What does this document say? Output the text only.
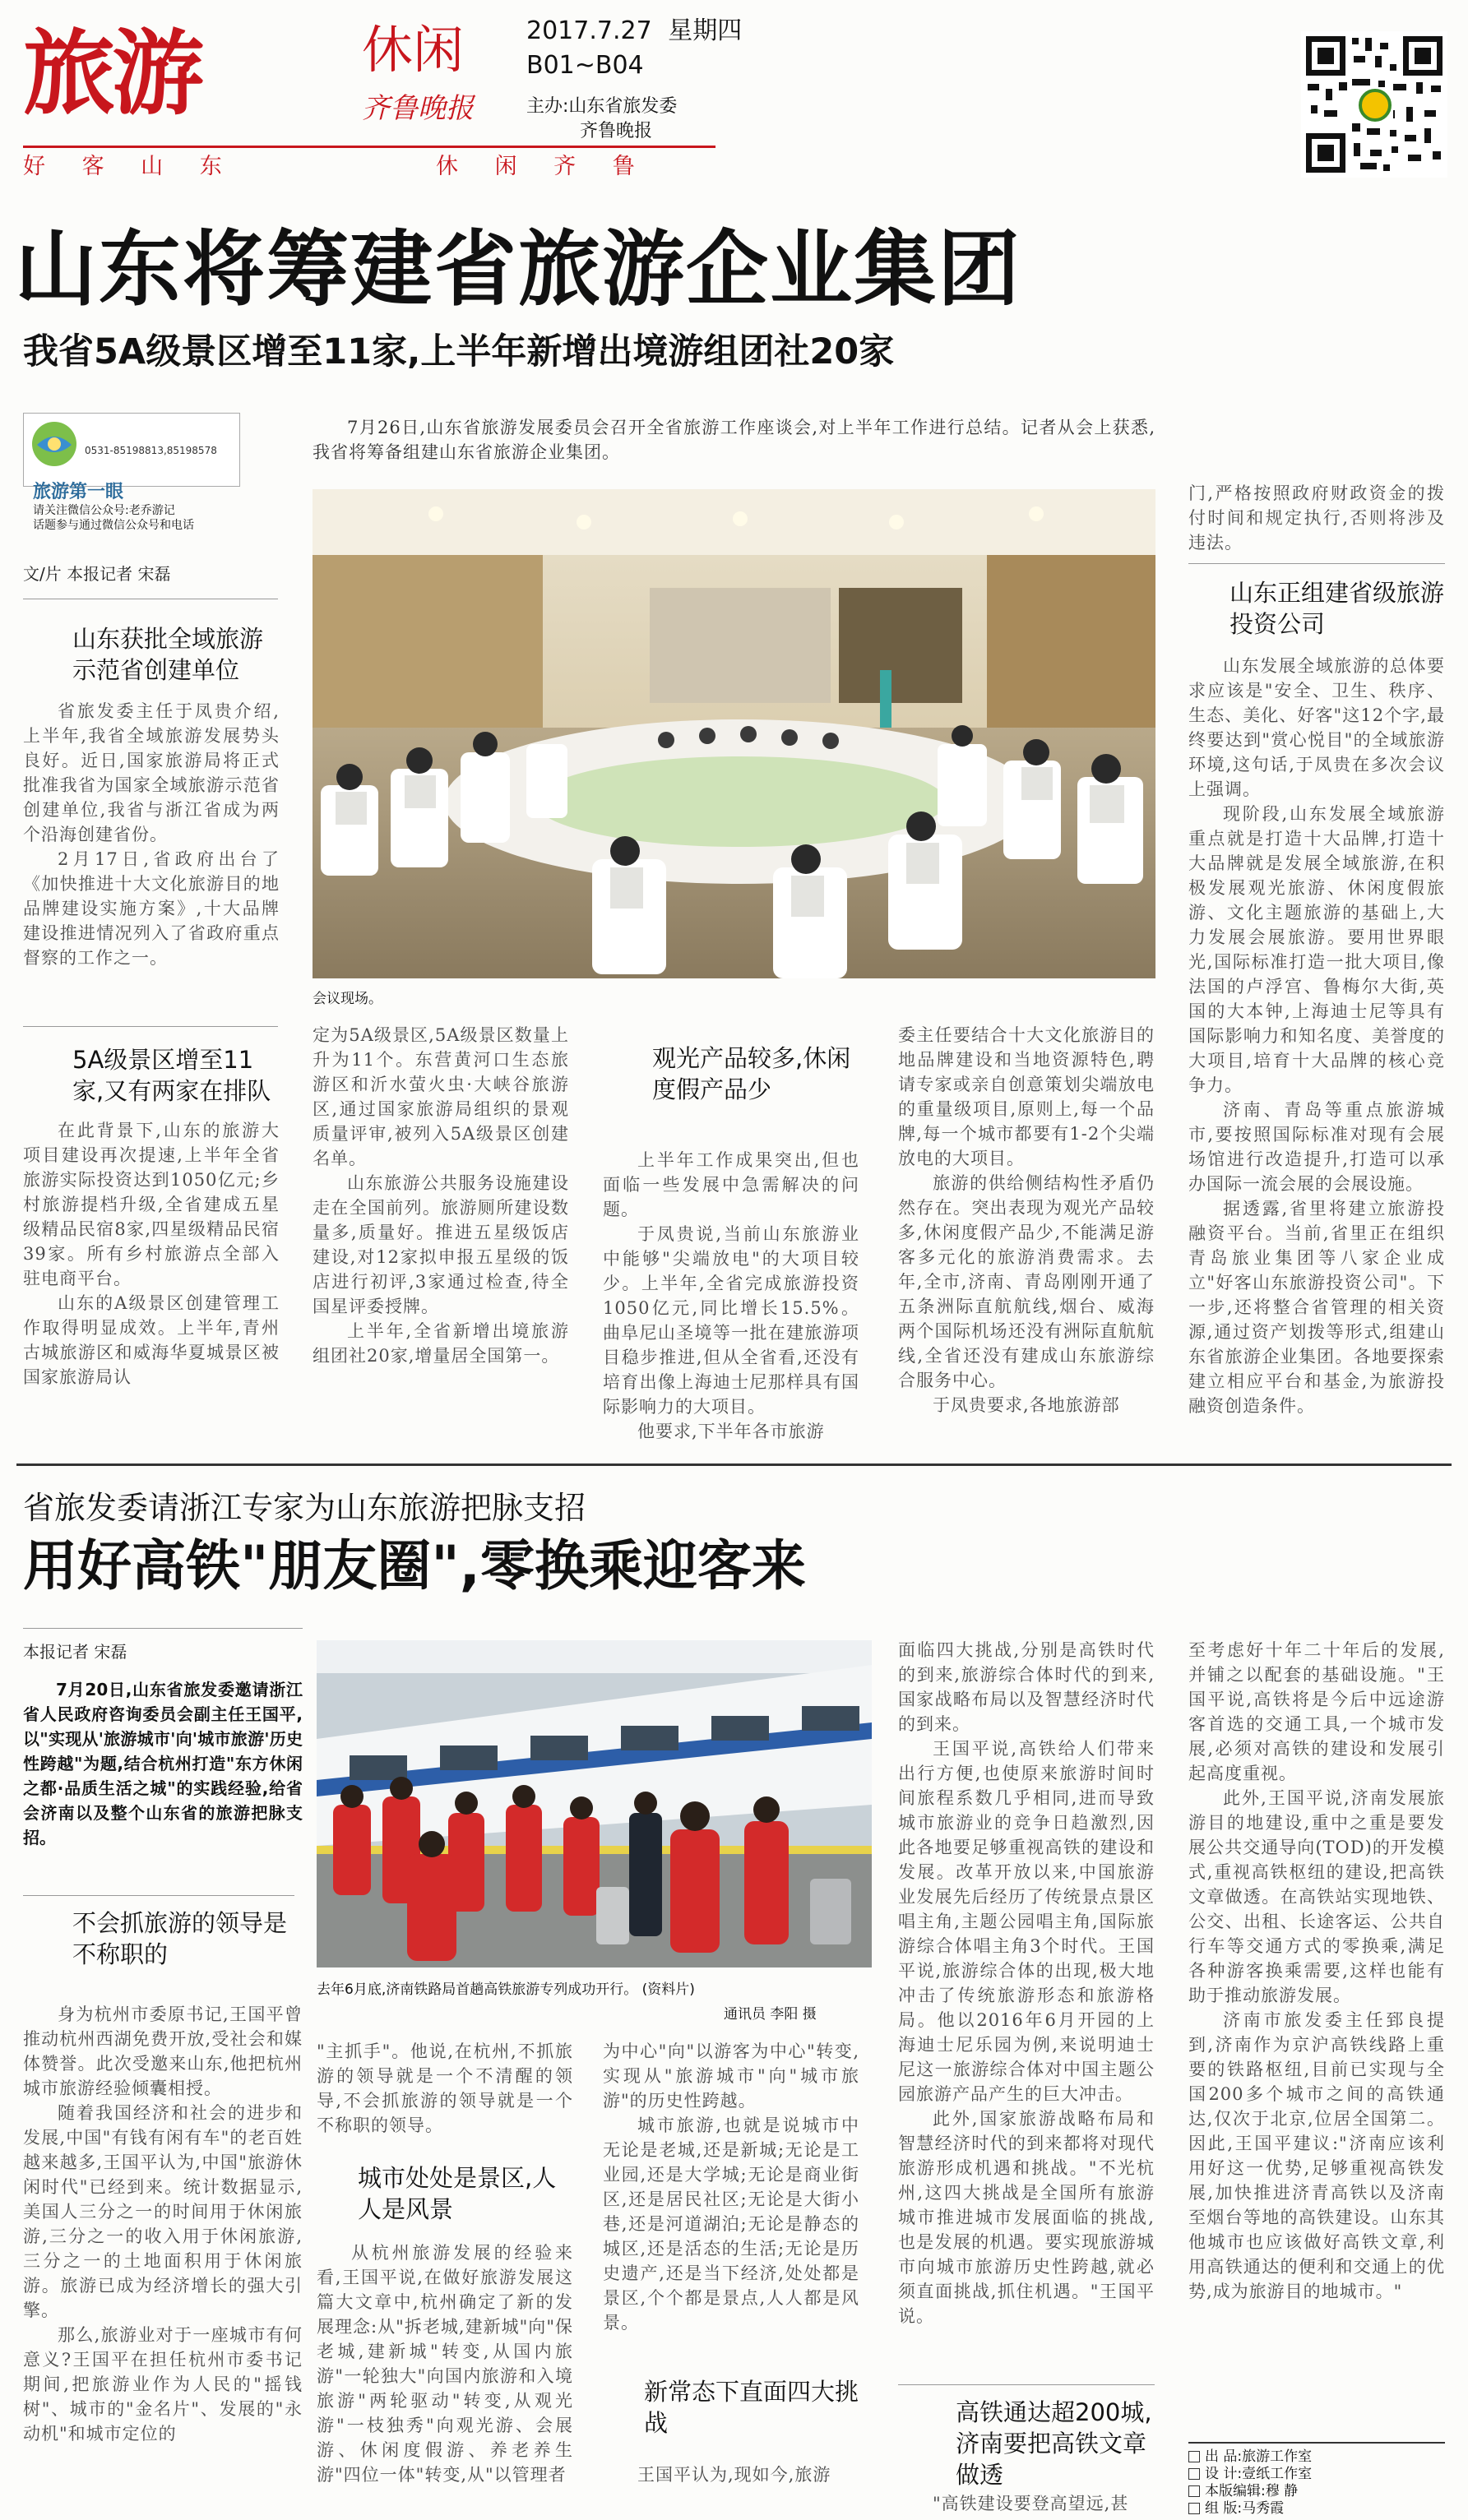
旅游	休闲
齐鲁晚报
2017.7.27 星期四
B01~B04
主办:山东省旅发委
齐鲁晚报
好 客 山 东	休 闲 齐 鲁
山东将筹建省旅游企业集团
我省5A级景区增至11家,上半年新增出境游组团社20家
0531-85198813,85198578
旅游第一眼
请关注微信公众号:老乔游记
话题参与通过微信公众号和电话
文/片 本报记者 宋磊
山东获批全域旅游示范省创建单位

省旅发委主任于凤贵介绍,上半年,我省全域旅游发展势头良好。近日,国家旅游局将正式批准我省为国家全域旅游示范省创建单位,我省与浙江省成为两个沿海创建省份。

2月17日,省政府出台了《加快推进十大文化旅游目的地品牌建设实施方案》,十大品牌建设推进情况列入了省政府重点督察的工作之一。

5A级景区增至11家,又有两家在排队

在此背景下,山东的旅游大项目建设再次提速,上半年全省旅游实际投资达到1050亿元;乡村旅游提档升级,全省建成五星级精品民宿8家,四星级精品民宿39家。所有乡村旅游点全部入驻电商平台。

山东的A级景区创建管理工作取得明显成效。上半年,青州古城旅游区和威海华夏城景区被国家旅游局认

7月26日,山东省旅游发展委员会召开全省旅游工作座谈会,对上半年工作进行总结。记者从会上获悉,我省将筹备组建山东省旅游企业集团。

会议现场。

定为5A级景区,5A级景区数量上升为11个。东营黄河口生态旅游区和沂水萤火虫·大峡谷旅游区,通过国家旅游局组织的景观质量评审,被列入5A级景区创建名单。

山东旅游公共服务设施建设走在全国前列。旅游厕所建设数量多,质量好。推进五星级饭店建设,对12家拟申报五星级的饭店进行初评,3家通过检查,待全国星评委授牌。

上半年,全省新增出境旅游组团社20家,增量居全国第一。

观光产品较多,休闲度假产品少

上半年工作成果突出,但也面临一些发展中急需解决的问题。

于凤贵说,当前山东旅游业中能够"尖端放电"的大项目较少。上半年,全省完成旅游投资1050亿元,同比增长15.5%。曲阜尼山圣境等一批在建旅游项目稳步推进,但从全省看,还没有培育出像上海迪士尼那样具有国际影响力的大项目。

他要求,下半年各市旅游

委主任要结合十大文化旅游目的地品牌建设和当地资源特色,聘请专家或亲自创意策划尖端放电的重量级项目,原则上,每一个品牌,每一个城市都要有1-2个尖端放电的大项目。

旅游的供给侧结构性矛盾仍然存在。突出表现为观光产品较多,休闲度假产品少,不能满足游客多元化的旅游消费需求。去年,全市,济南、青岛刚刚开通了五条洲际直航航线,烟台、威海两个国际机场还没有洲际直航航线,全省还没有建成山东旅游综合服务中心。

于凤贵要求,各地旅游部

门,严格按照政府财政资金的拨付时间和规定执行,否则将涉及违法。

山东正组建省级旅游投资公司

山东发展全域旅游的总体要求应该是"安全、卫生、秩序、生态、美化、好客"这12个字,最终要达到"赏心悦目"的全域旅游环境,这句话,于凤贵在多次会议上强调。

现阶段,山东发展全域旅游重点就是打造十大品牌,打造十大品牌就是发展全域旅游,在积极发展观光旅游、休闲度假旅游、文化主题旅游的基础上,大力发展会展旅游。要用世界眼光,国际标准打造一批大项目,像法国的卢浮宫、鲁梅尔大街,英国的大本钟,上海迪士尼等具有国际影响力和知名度、美誉度的大项目,培育十大品牌的核心竞争力。

济南、青岛等重点旅游城市,要按照国际标准对现有会展场馆进行改造提升,打造可以承办国际一流会展的会展设施。

据透露,省里将建立旅游投融资平台。当前,省里正在组织青岛旅业集团等八家企业成立"好客山东旅游投资公司"。下一步,还将整合省管理的相关资源,通过资产划拨等形式,组建山东省旅游企业集团。各地要探索建立相应平台和基金,为旅游投融资创造条件。

省旅发委请浙江专家为山东旅游把脉支招
用好高铁"朋友圈",零换乘迎客来
本报记者 宋磊

7月20日,山东省旅发委邀请浙江省人民政府咨询委员会副主任王国平,以"实现从'旅游城市'向'城市旅游'历史性跨越"为题,结合杭州打造"东方休闲之都·品质生活之城"的实践经验,给省会济南以及整个山东省的旅游把脉支招。

不会抓旅游的领导是不称职的

身为杭州市委原书记,王国平曾推动杭州西湖免费开放,受社会和媒体赞誉。此次受邀来山东,他把杭州城市旅游经验倾囊相授。

随着我国经济和社会的进步和发展,中国"有钱有闲有车"的老百姓越来越多,王国平认为,中国"旅游休闲时代"已经到来。统计数据显示,美国人三分之一的时间用于休闲旅游,三分之一的收入用于休闲旅游,三分之一的土地面积用于休闲旅游。旅游已成为经济增长的强大引擎。

那么,旅游业对于一座城市有何意义?王国平在担任杭州市委书记期间,把旅游业作为人民的"摇钱树"、城市的"金名片"、发展的"永动机"和城市定位的

去年6月底,济南铁路局首趟高铁旅游专列成功开行。 (资料片)
通讯员 李阳 摄

"主抓手"。他说,在杭州,不抓旅游的领导就是一个不清醒的领导,不会抓旅游的领导就是一个不称职的领导。

城市处处是景区,人人是风景

从杭州旅游发展的经验来看,王国平说,在做好旅游发展这篇大文章中,杭州确定了新的发展理念:从"拆老城,建新城"向"保老城,建新城"转变,从国内旅游"一轮独大"向国内旅游和入境旅游"两轮驱动"转变,从观光游"一枝独秀"向观光游、会展游、休闲度假游、养老养生游"四位一体"转变,从"以管理者

为中心"向"以游客为中心"转变,实现从"旅游城市"向"城市旅游"的历史性跨越。

城市旅游,也就是说城市中无论是老城,还是新城;无论是工业园,还是大学城;无论是商业街区,还是居民社区;无论是大街小巷,还是河道湖泊;无论是静态的城区,还是活态的生活;无论是历史遗产,还是当下经济,处处都是景区,个个都是景点,人人都是风景。

新常态下直面四大挑战

王国平认为,现如今,旅游

面临四大挑战,分别是高铁时代的到来,旅游综合体时代的到来,国家战略布局以及智慧经济时代的到来。

王国平说,高铁给人们带来出行方便,也使原来旅游时间时间旅程系数几乎相同,进而导致城市旅游业的竞争日趋激烈,因此各地要足够重视高铁的建设和发展。改革开放以来,中国旅游业发展先后经历了传统景点景区唱主角,主题公园唱主角,国际旅游综合体唱主角3个时代。王国平说,旅游综合体的出现,极大地冲击了传统旅游形态和旅游格局。他以2016年6月开园的上海迪士尼乐园为例,来说明迪士尼这一旅游综合体对中国主题公园旅游产品产生的巨大冲击。

此外,国家旅游战略布局和智慧经济时代的到来都将对现代旅游形成机遇和挑战。"不光杭州,这四大挑战是全国所有旅游城市推进城市发展面临的挑战,也是发展的机遇。要实现旅游城市向城市旅游历史性跨越,就必须直面挑战,抓住机遇。"王国平说。

高铁通达超200城,济南要把高铁文章做透

"高铁建设要登高望远,甚

至考虑好十年二十年后的发展,并铺之以配套的基础设施。"王国平说,高铁将是今后中远途游客首选的交通工具,一个城市发展,必须对高铁的建设和发展引起高度重视。

此外,王国平说,济南发展旅游目的地建设,重中之重是要发展公共交通导向(TOD)的开发模式,重视高铁枢纽的建设,把高铁文章做透。在高铁站实现地铁、公交、出租、长途客运、公共自行车等交通方式的零换乘,满足各种游客换乘需要,这样也能有助于推动旅游发展。

济南市旅发委主任郅良提到,济南作为京沪高铁线路上重要的铁路枢纽,目前已实现与全国200多个城市之间的高铁通达,仅次于北京,位居全国第二。因此,王国平建议:"济南应该利用好这一优势,足够重视高铁发展,加快推进济青高铁以及济南至烟台等地的高铁建设。山东其他城市也应该做好高铁文章,利用高铁通达的便利和交通上的优势,成为旅游目的地城市。"

出 品:旅游工作室
设 计:壹纸工作室
本版编辑:穆 静
组 版:马秀霞
